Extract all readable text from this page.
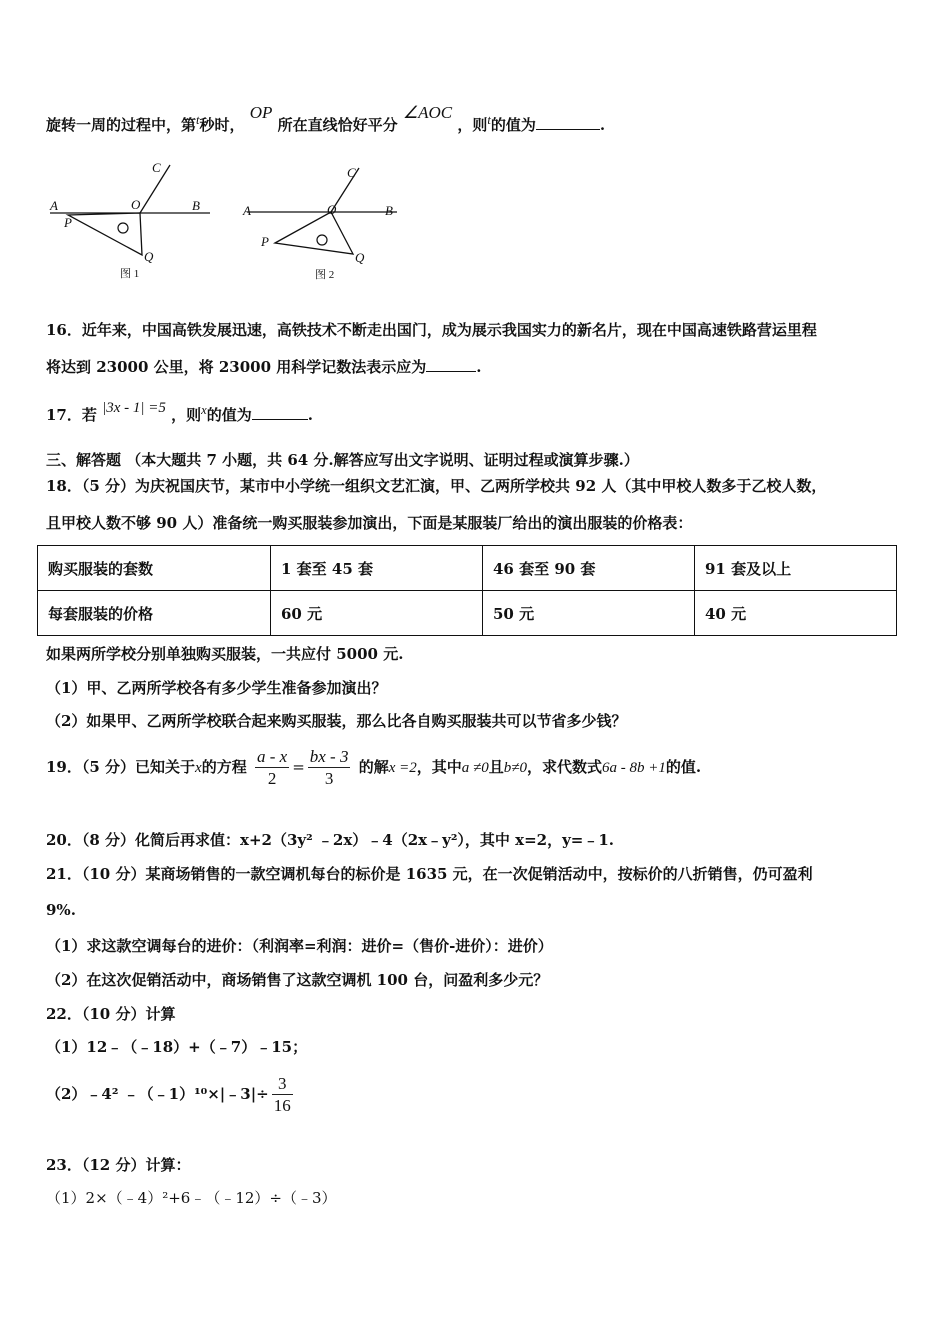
旋转一周的过程中，第$^t$秒时， OP 所在直线恰好平分 ∠AOC ，则$^t$的值为	.
A	B
C
O
P
Q
图 1
A	B
C
O
P
Q
图 2
16．近年来，中国高铁发展迅速，高铁技术不断走出国门，成为展示我国实力的新名片，现在中国高速铁路营运里程
将达到 23000 公里，将 23000 用科学记数法表示应为	.
17．若 |3x - 1| =5 ，则$^x$的值为	.
三、解答题 （本大题共 7 小题，共 64 分.解答应写出文字说明、证明过程或演算步骤.）
18．（5 分）为庆祝国庆节，某市中小学统一组织文艺汇演，甲、乙两所学校共 92 人（其中甲校人数多于乙校人数，
且甲校人数不够 90 人）准备统一购买服装参加演出，下面是某服装厂给出的演出服装的价格表：
购买服装的套数	1 套至 45 套	46 套至 90 套	91 套及以上
每套服装的价格	60 元	50 元	40 元
如果两所学校分别单独购买服装，一共应付 5000 元.
（1）甲、乙两所学校各有多少学生准备参加演出？
（2）如果甲、乙两所学校联合起来购买服装，那么比各自购买服装共可以节省多少钱？
19．（5 分）已知关于x的方程 $\frac{a - x}{2} = \frac{bx - 3}{3}$ 的解x =2，其中a ≠0且b≠0，求代数式6a - 8b +1的值.
20．（8 分）化简后再求值：x+2（3y² ﹣2x）﹣4（2x﹣y²），其中 x=2，y=﹣1.
21．（10 分）某商场销售的一款空调机每台的标价是 1635 元，在一次促销活动中，按标价的八折销售，仍可盈利
9%.
（1）求这款空调每台的进价：（利润率=利润：进价=（售价-进价）：进价）
（2）在这次促销活动中，商场销售了这款空调机 100 台，问盈利多少元？
22．（10 分）计算
（1）12﹣（﹣18）+（﹣7）﹣15；
（2）﹣4² ﹣（﹣1）¹⁰×|﹣3|÷ $\frac{3}{16}$
23．（12 分）计算：
（1）2×（﹣4）²+6﹣（﹣12）÷（﹣3）
